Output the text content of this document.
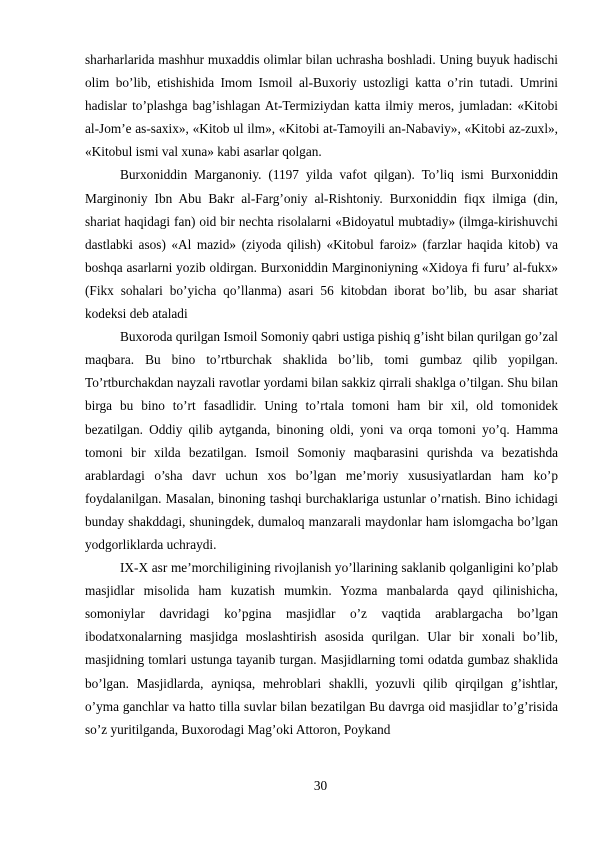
sharharlarida mashhur muxaddis olimlar bilan uchrasha boshladi. Uning buyuk hadischi olim bo’lib, etishishida Imom Ismoil al-Buxoriy ustozligi katta o’rin tutadi. Umrini hadislar to’plashga bag’ishlagan At-Termiziydan katta ilmiy meros, jumladan: «Kitobi al-Jom’e as-saxix», «Kitob ul ilm», «Kitobi at-Tamoyili an-Nabaviy», «Kitobi az-zuxl», «Kitobul ismi val xuna» kabi asarlar qolgan.

Burxoniddin Marganoniy. (1197 yilda vafot qilgan). To’liq ismi Burxoniddin Marginoniy Ibn Abu Bakr al-Farg’oniy al-Rishtoniy. Burxoniddin fiqx ilmiga (din, shariat haqidagi fan) oid bir nechta risolalarni «Bidoyatul mubtadiy» (ilmga-kirishuvchi dastlabki asos) «Al mazid» (ziyoda qilish) «Kitobul faroiz» (farzlar haqida kitob) va boshqa asarlarni yozib oldirgan. Burxoniddin Marginoniyning «Xidoya fi furu’ al-fukx» (Fikx sohalari bo’yicha qo’llanma) asari 56 kitobdan iborat bo’lib, bu asar shariat kodeksi deb ataladi

Buxoroda qurilgan Ismoil Somoniy qabri ustiga pishiq g’isht bilan qurilgan go’zal maqbara. Bu bino to’rtburchak shaklida bo’lib, tomi gumbaz qilib yopilgan. To’rtburchakdan nayzali ravotlar yordami bilan sakkiz qirrali shaklga o’tilgan. Shu bilan birga bu bino to’rt fasadlidir. Uning to’rtala tomoni ham bir xil, old tomonidek bezatilgan. Oddiy qilib aytganda, binoning oldi, yoni va orqa tomoni yo’q. Hamma tomoni bir xilda bezatilgan. Ismoil Somoniy maqbarasini qurishda va bezatishda arablardagi o’sha davr uchun xos bo’lgan me’moriy xususiyatlardan ham ko’p foydalanilgan. Masalan, binoning tashqi burchaklariga ustunlar o’rnatish. Bino ichidagi bunday shakddagi, shuningdek, dumaloq manzarali maydonlar ham islomgacha bo’lgan yodgorliklarda uchraydi.

IX-X asr me’morchiligining rivojlanish yo’llarining saklanib qolganligini ko’plab masjidlar misolida ham kuzatish mumkin. Yozma manbalarda qayd qilinishicha, somoniylar davridagi ko’pgina masjidlar o’z vaqtida arablargacha bo’lgan ibodatxonalarning masjidga moslashtirish asosida qurilgan. Ular bir xonali bo’lib, masjidning tomlari ustunga tayanib turgan. Masjidlarning tomi odatda gumbaz shaklida bo’lgan. Masjidlarda, ayniqsa, mehroblari shaklli, yozuvli qilib qirqilgan g’ishtlar, o’yma ganchlar va hatto tilla suvlar bilan bezatilgan Bu davrga oid masjidlar to’g’risida so’z yuritilganda, Buxorodagi Mag’oki Attoron, Poykand

30
